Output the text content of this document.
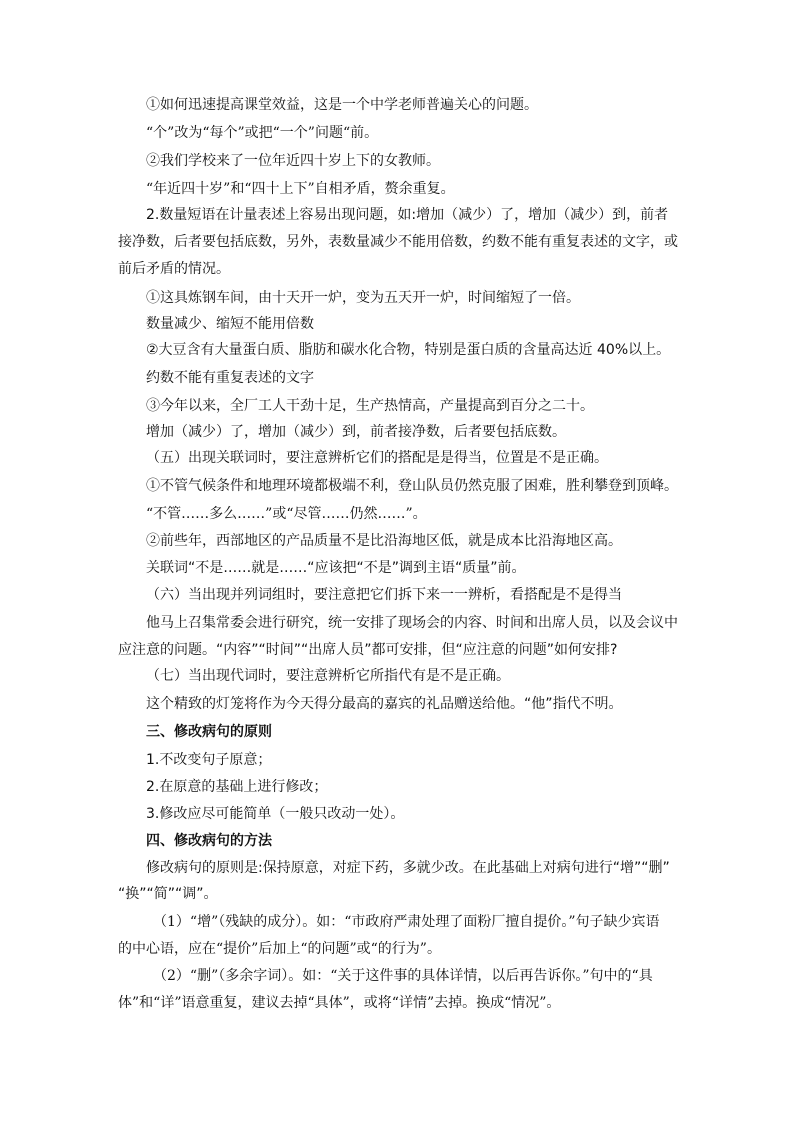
①如何迅速提高课堂效益，这是一个中学老师普遍关心的问题。

“个”改为“每个”或把“一个”问题“前。

②我们学校来了一位年近四十岁上下的女教师。

“年近四十岁”和“四十上下”自相矛盾，赘余重复。

2.数量短语在计量表述上容易出现问题，如:增加（减少）了，增加（减少）到，前者

接净数，后者要包括底数，另外，表数量减少不能用倍数，约数不能有重复表述的文字，或

前后矛盾的情况。

①这具炼钢车间，由十天开一炉，变为五天开一炉，时间缩短了一倍。

数量减少、缩短不能用倍数

②大豆含有大量蛋白质、脂肪和碳水化合物，特别是蛋白质的含量高达近 40%以上。

约数不能有重复表述的文字

③今年以来，全厂工人干劲十足，生产热情高，产量提高到百分之二十。

增加（减少）了，增加（减少）到，前者接净数，后者要包括底数。

（五）出现关联词时，要注意辨析它们的搭配是是得当，位置是不是正确。

①不管气候条件和地理环境都极端不利，登山队员仍然克服了困难，胜利攀登到顶峰。

“不管……多么……”或“尽管……仍然……”。

②前些年，西部地区的产品质量不是比沿海地区低，就是成本比沿海地区高。

关联词“不是……就是……“应该把“不是”调到主语“质量”前。

（六）当出现并列词组时，要注意把它们拆下来一一辨析，看搭配是不是得当

他马上召集常委会进行研究，统一安排了现场会的内容、时间和出席人员，以及会议中

应注意的问题。“内容”“时间”“出席人员”都可安排，但“应注意的问题”如何安排?

（七）当出现代词时，要注意辨析它所指代有是不是正确。

这个精致的灯笼将作为今天得分最高的嘉宾的礼品赠送给他。“他”指代不明。

三、修改病句的原则

1.不改变句子原意；

2.在原意的基础上进行修改；

3.修改应尽可能简单（一般只改动一处）。

四、修改病句的方法

修改病句的原则是:保持原意，对症下药，多就少改。在此基础上对病句进行“增”“删”

“换”“简”“调”。

（1）“增”（残缺的成分）。如：“市政府严肃处理了面粉厂擅自提价。”句子缺少宾语

的中心语，应在“提价”后加上“的问题”或“的行为”。

（2）“删”（多余字词）。如：“关于这件事的具体详情，以后再告诉你。”句中的“具

体”和“详”语意重复，建议去掉“具体”，或将“详情”去掉。换成“情况”。
